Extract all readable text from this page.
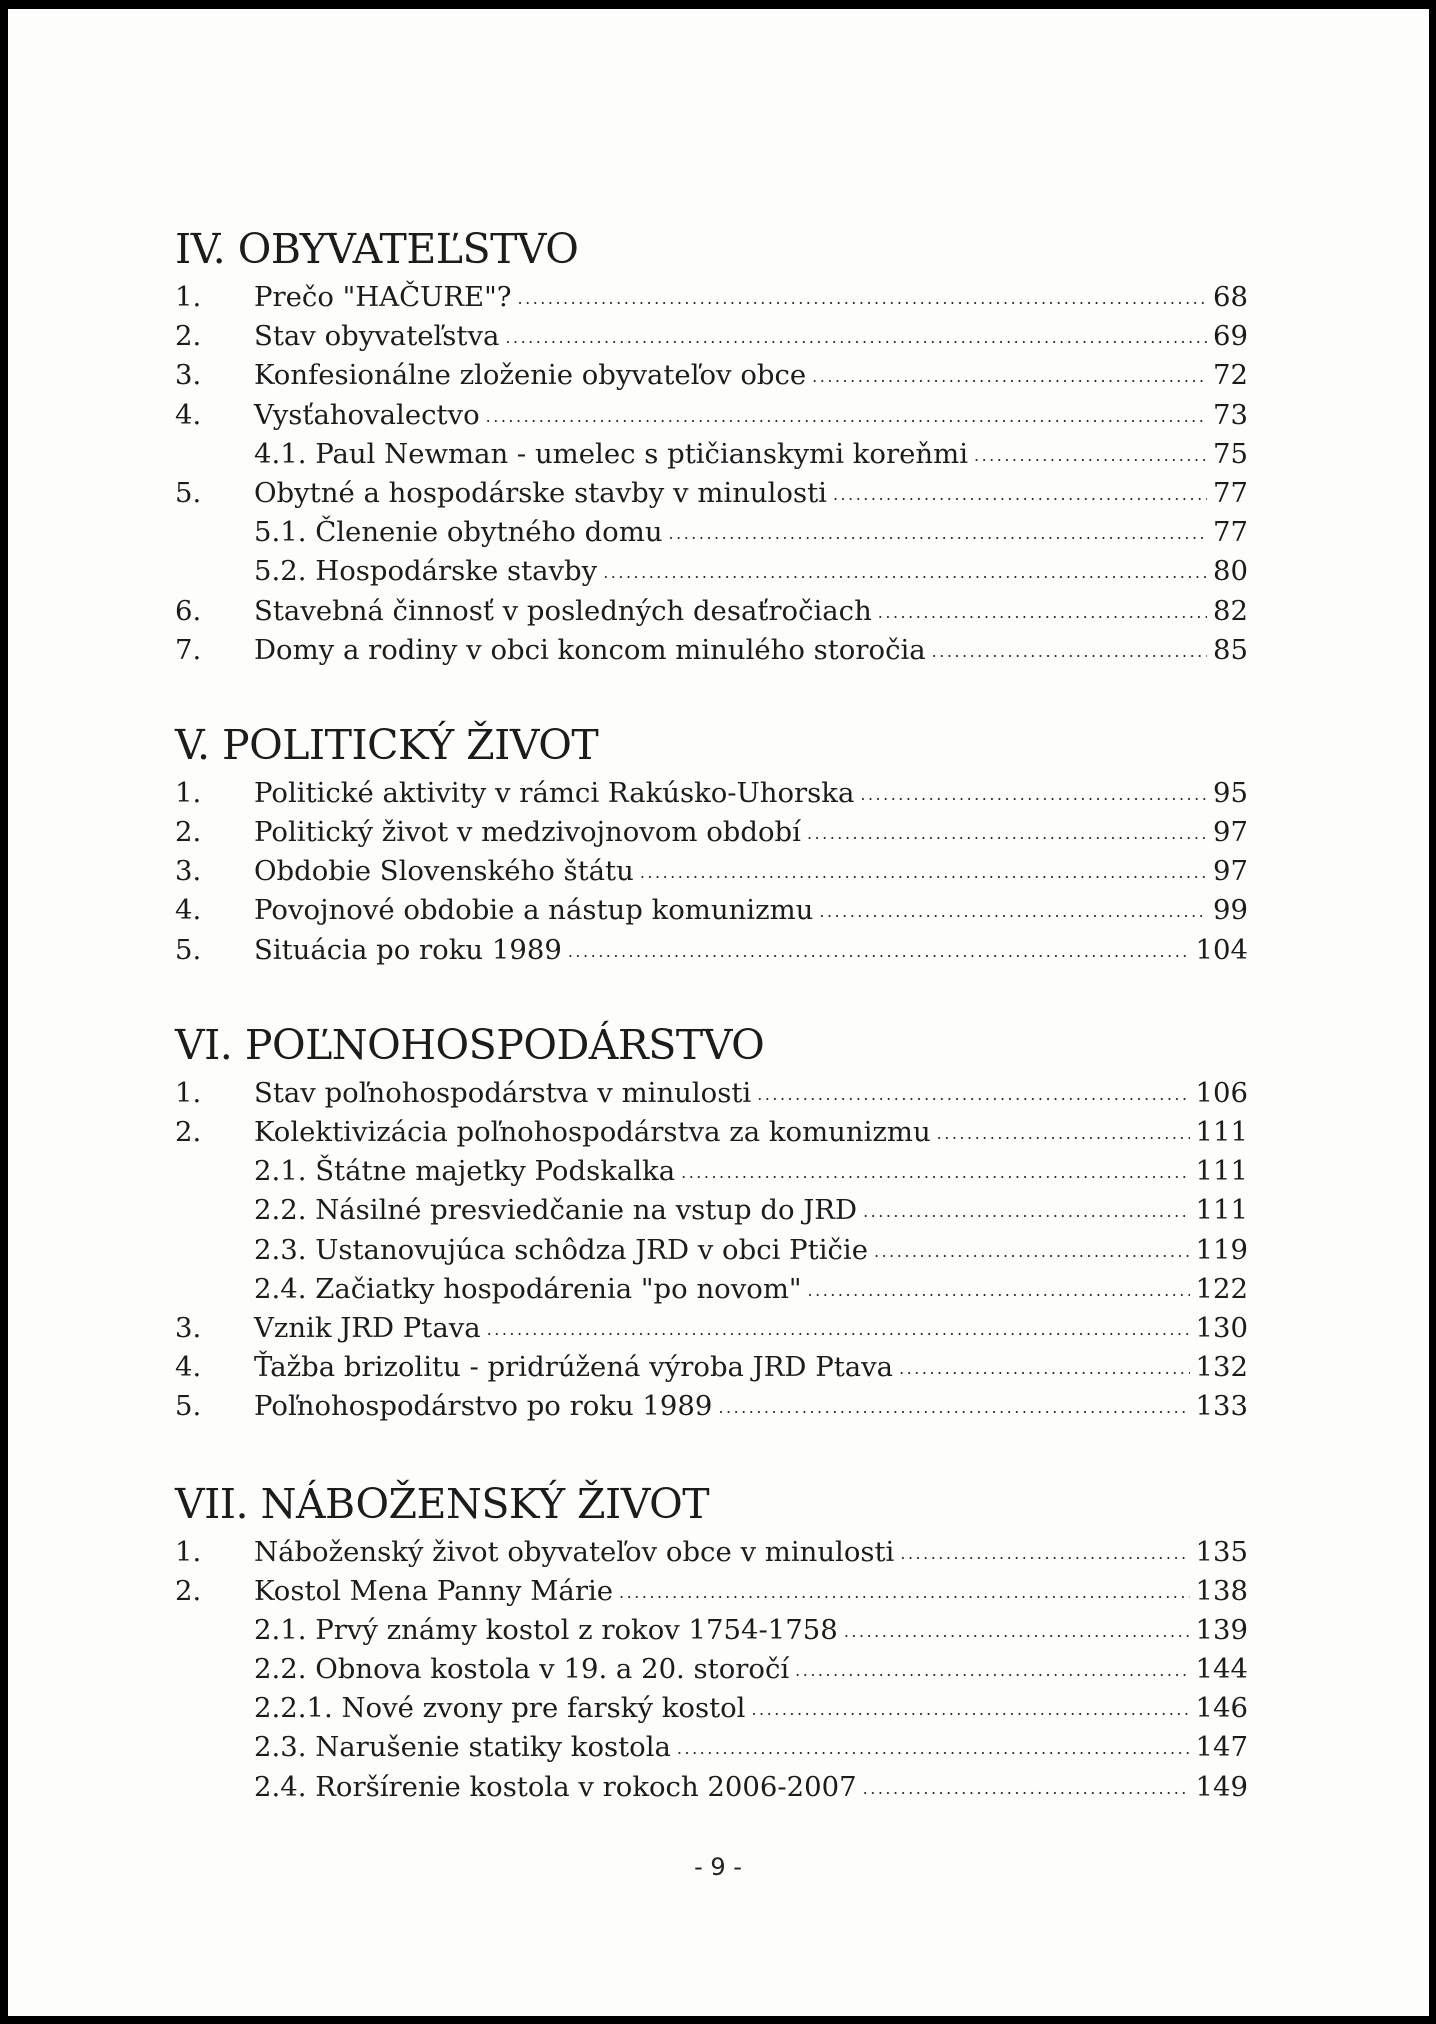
IV. OBYVATEĽSTVO
1.	Prečo "HAČURE"? .....	68
2.	Stav obyvateľstva .....	69
3.	Konfesionálne zloženie obyvateľov obce .....	72
4.	Vysťahovalectvo .....	73
4.1. Paul Newman - umelec s ptičianskymi koreňmi .....	75
5.	Obytné a hospodárske stavby v minulosti .....	77
5.1. Členenie obytného domu .....	77
5.2. Hospodárske stavby .....	80
6.	Stavebná činnosť v posledných desaťročiach .....	82
7.	Domy a rodiny v obci koncom minulého storočia .....	85
V. POLITICKÝ ŽIVOT
1.	Politické aktivity v rámci Rakúsko-Uhorska .....	95
2.	Politický život v medzivojnovom období .....	97
3.	Obdobie Slovenského štátu .....	97
4.	Povojnové obdobie a nástup komunizmu .....	99
5.	Situácia po roku 1989 .....	104
VI. POĽNOHOSPODÁRSTVO
1.	Stav poľnohospodárstva v minulosti .....	106
2.	Kolektivizácia poľnohospodárstva za komunizmu .....	111
2.1. Štátne majetky Podskalka .....	111
2.2. Násilné presviedčanie na vstup do JRD .....	111
2.3. Ustanovujúca schôdza JRD v obci Ptičie .....	119
2.4. Začiatky hospodárenia "po novom" .....	122
3.	Vznik JRD Ptava .....	130
4.	Ťažba brizolitu - pridrúžená výroba JRD Ptava .....	132
5.	Poľnohospodárstvo po roku 1989 .....	133
VII. NÁBOŽENSKÝ ŽIVOT
1.	Náboženský život obyvateľov obce v minulosti .....	135
2.	Kostol Mena Panny Márie .....	138
2.1. Prvý známy kostol z rokov 1754-1758 .....	139
2.2. Obnova kostola v 19. a 20. storočí .....	144
2.2.1. Nové zvony pre farský kostol .....	146
2.3. Narušenie statiky kostola .....	147
2.4. Roršírenie kostola v rokoch 2006-2007 .....	149
- 9 -
